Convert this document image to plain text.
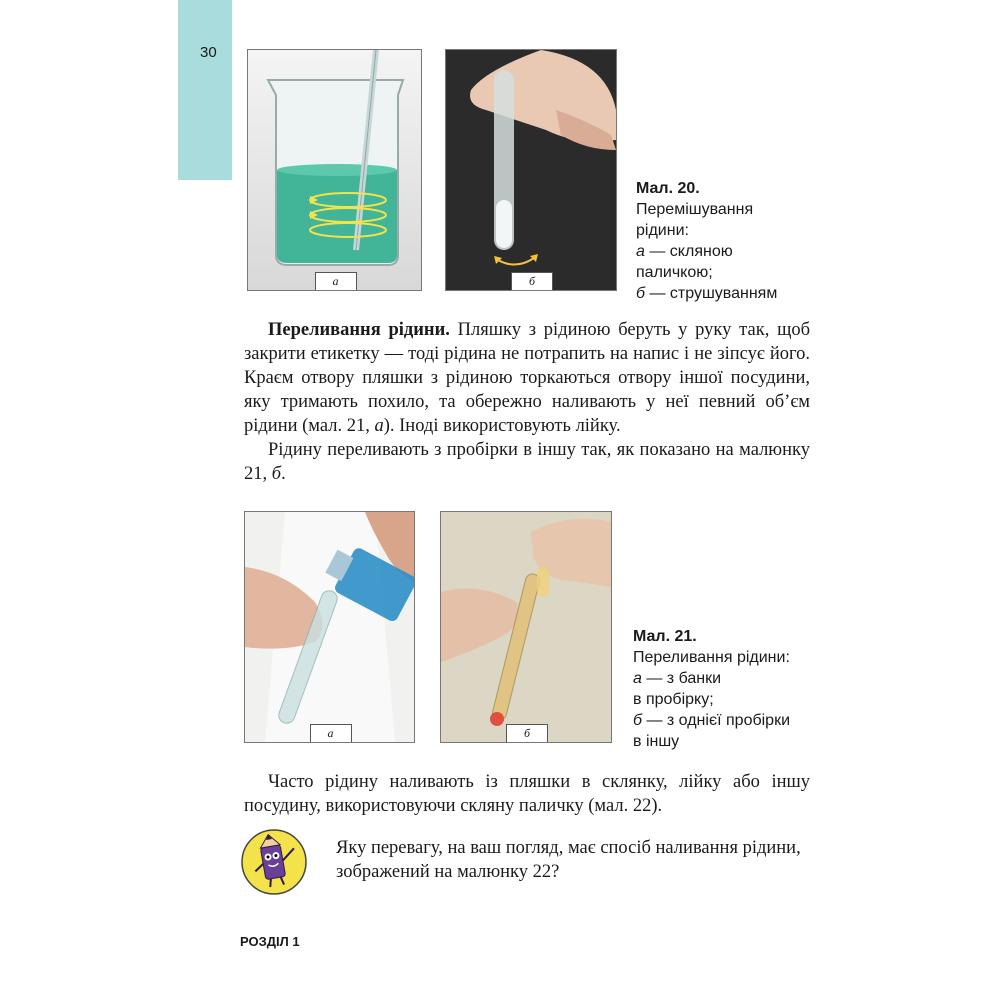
30
а	б
Мал. 20.
Перемішування
рідини:
а — скляною
паличкою;
б — струшуванням

Переливання рідини. Пляшку з рідиною беруть у руку так, щоб закрити етикетку — тоді рідина не потрапить на напис і не зіпсує його. Краєм отвору пляшки з рідиною торкаються отвору іншої посудини, яку тримають похило, та обережно наливають у неї певний об’єм рідини (мал. 21, а). Іноді використовують лійку.

Рідину переливають з пробірки в іншу так, як показано на малюнку 21, б.

а	б
Мал. 21.
Переливання рідини:
а — з банки
в пробірку;
б — з однієї пробірки
в іншу

Часто рідину наливають із пляшки в склянку, лійку або іншу посудину, використовуючи скляну паличку (мал. 22).

Яку перевагу, на ваш погляд, має спосіб наливання рідини, зображений на малюнку 22?
РОЗДІЛ 1
